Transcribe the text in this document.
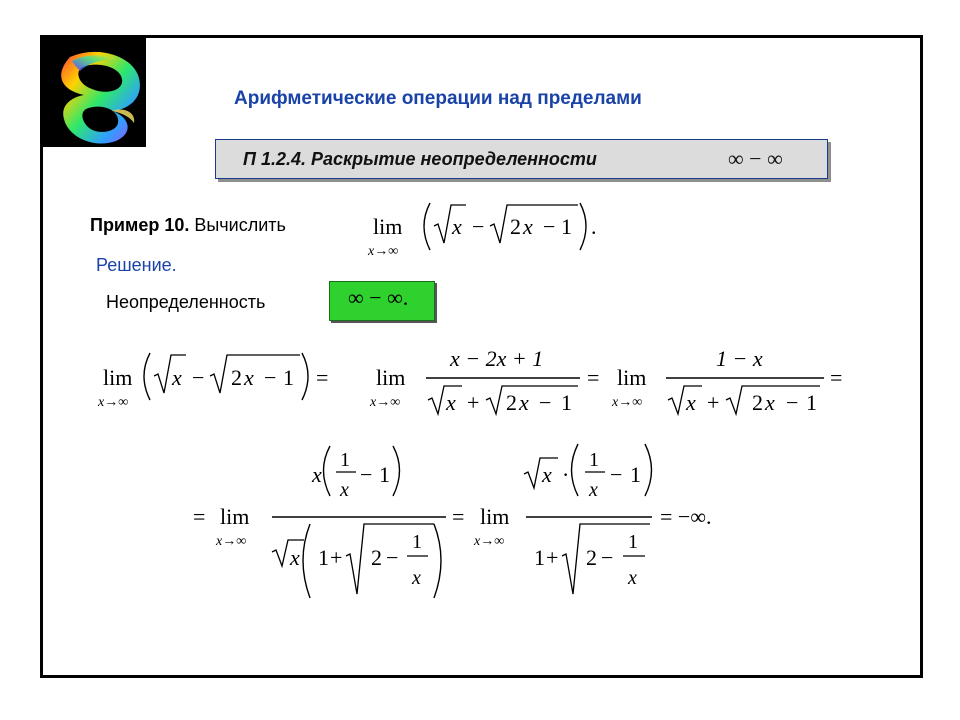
Арифметические операции над пределами
П 1.2.4. Раскрытие неопределенности	∞ − ∞
Пример 10. Вычислить
Решение.
Неопределенность	∞ − ∞.
lim
x→∞
x − 2 x − 1 .
lim
x→∞
x − 2 x − 1 = lim
x→∞
x − 2x + 1
x + 2 x − 1
= lim
x→∞
1 − x
x + 2 x − 1
=
= lim
x→∞
x
1
x
− 1
x 1 + 2 −
1
x
= lim
x→∞
x ·
1
x
− 1
1 + 2 −
1
x
= −∞.
